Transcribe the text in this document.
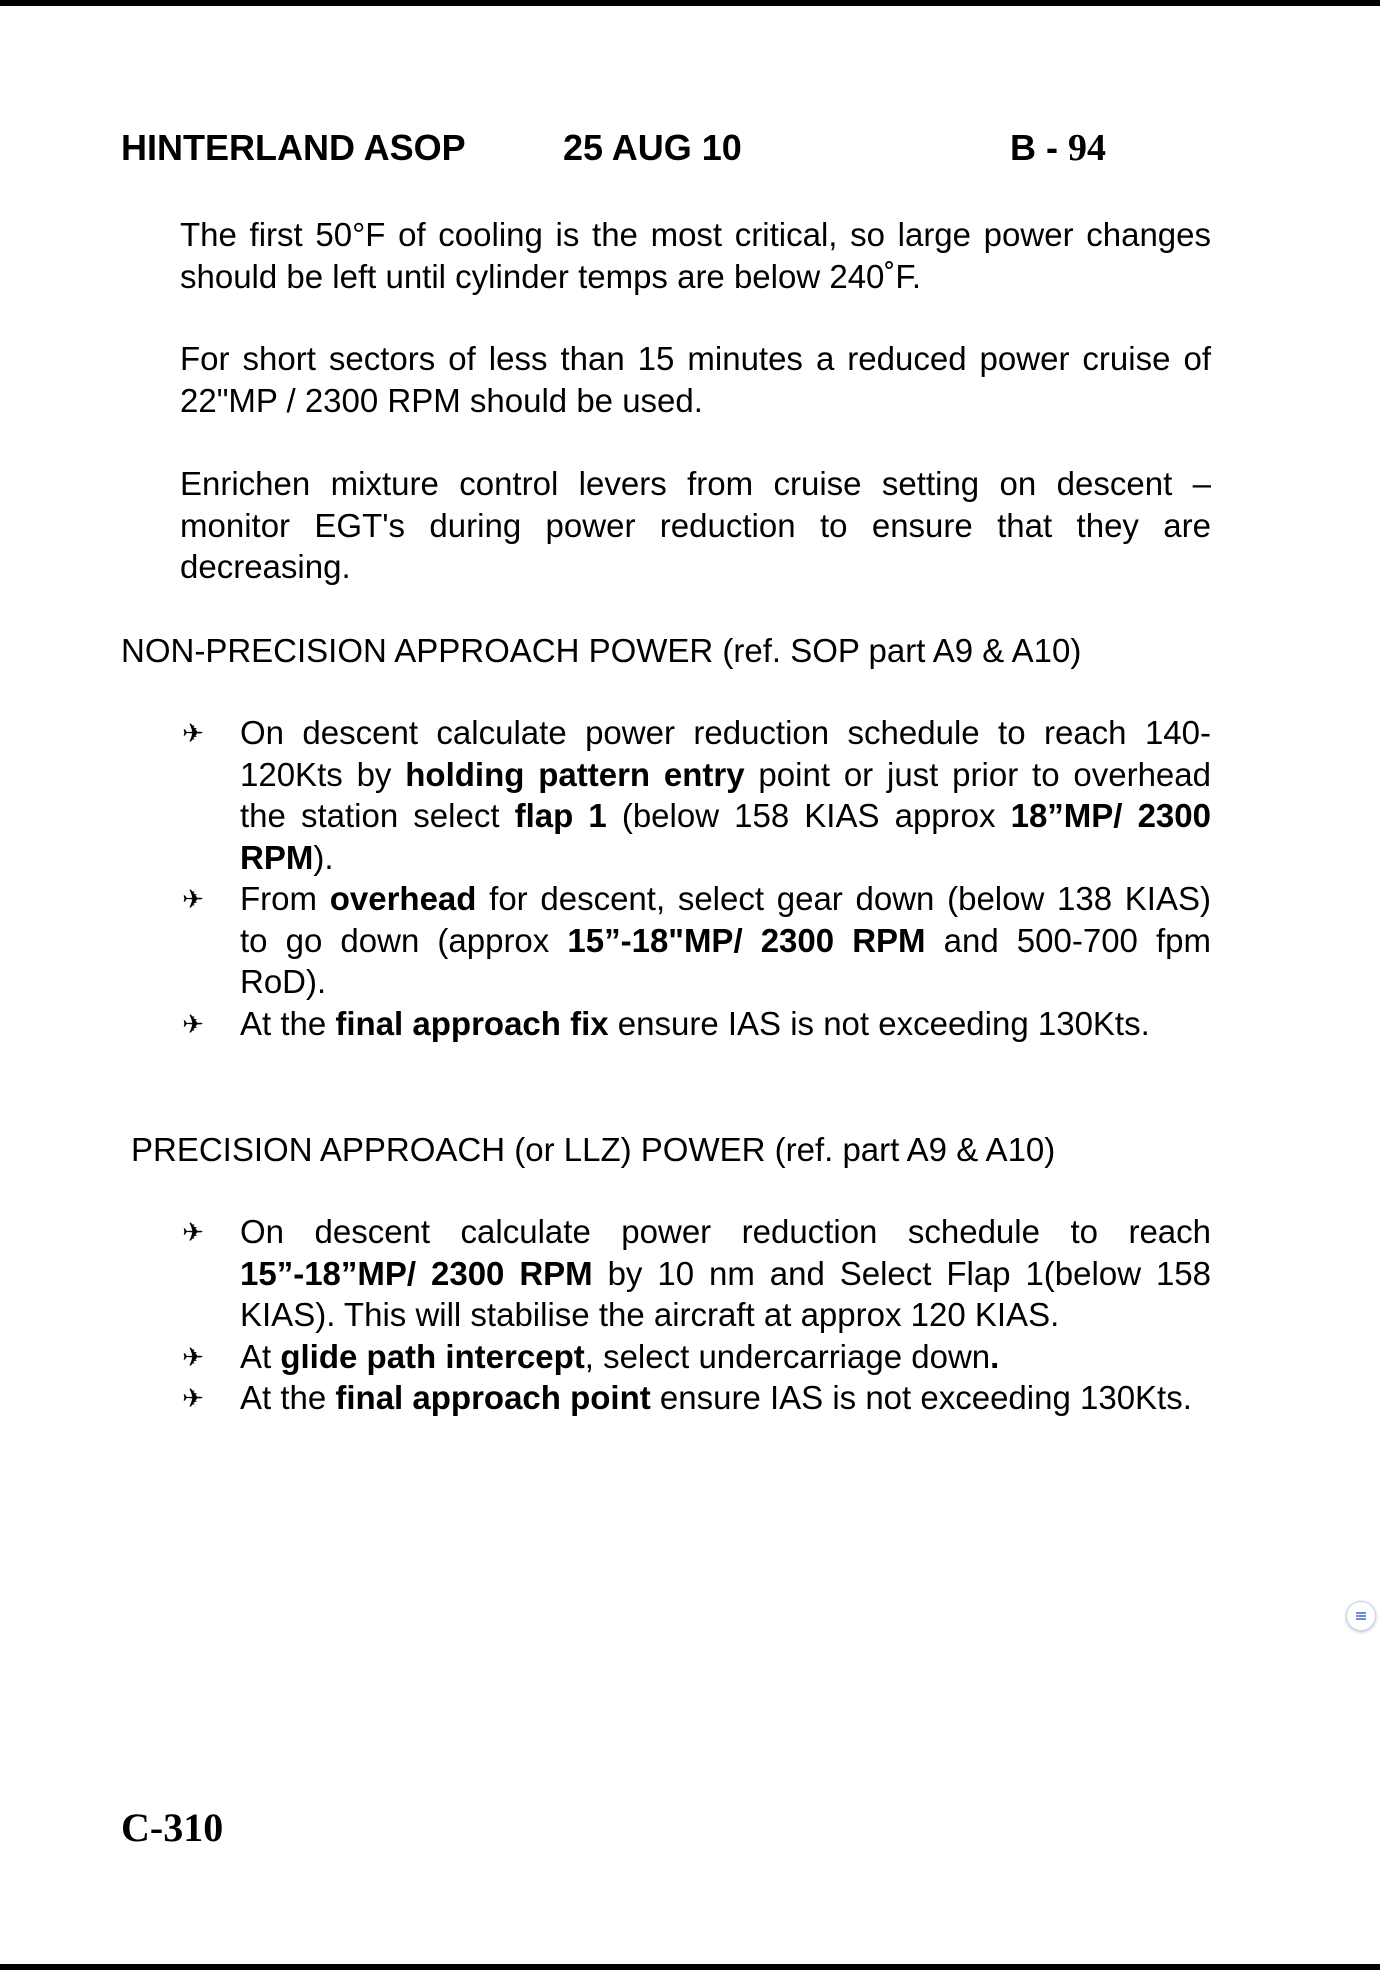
HINTERLAND ASOP	25 AUG 10	B - 94

The first 50°F of cooling is the most critical, so large power changes should be left until cylinder temps are below 240˚F.

For short sectors of less than 15 minutes a reduced power cruise of 22"MP / 2300 RPM should be used.

Enrichen mixture control levers from cruise setting on descent – monitor EGT's during power reduction to ensure that they are decreasing.

NON-PRECISION APPROACH POWER (ref. SOP part A9 & A10)

✈ On descent calculate power reduction schedule to reach 140-120Kts by holding pattern entry point or just prior to overhead the station select flap 1 (below 158 KIAS approx 18”MP/ 2300 RPM).
✈ From overhead for descent, select gear down (below 138 KIAS) to go down (approx 15”-18"MP/ 2300 RPM and 500-700 fpm RoD).
✈ At the final approach fix ensure IAS is not exceeding 130Kts.

PRECISION APPROACH (or LLZ) POWER (ref. part A9 & A10)

✈ On descent calculate power reduction schedule to reach 15”-18”MP/ 2300 RPM by 10 nm and Select Flap 1(below 158 KIAS). This will stabilise the aircraft at approx 120 KIAS.
✈ At glide path intercept, select undercarriage down.
✈ At the final approach point ensure IAS is not exceeding 130Kts.
C-310
